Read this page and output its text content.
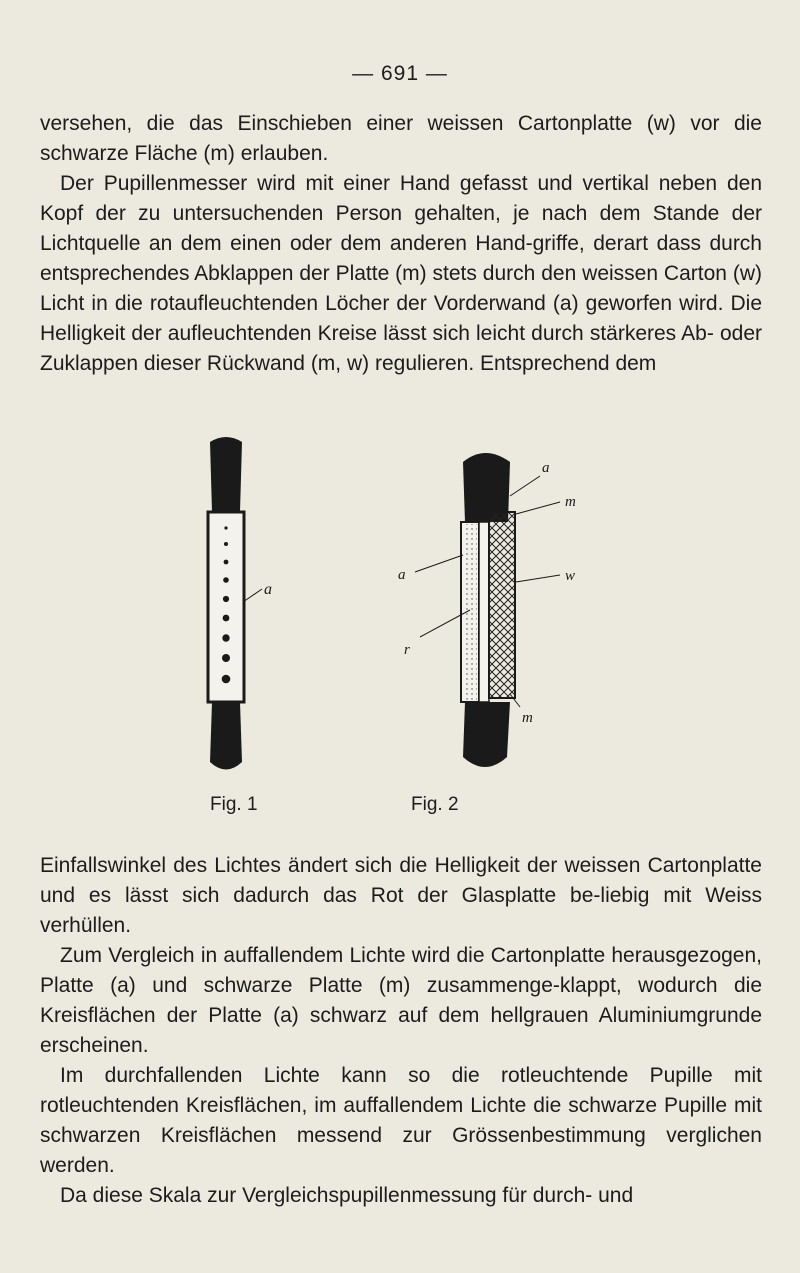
— 691 —

versehen, die das Einschieben einer weissen Cartonplatte (w) vor die schwarze Fläche (m) erlauben.

Der Pupillenmesser wird mit einer Hand gefasst und vertikal neben den Kopf der zu untersuchenden Person gehalten, je nach dem Stande der Lichtquelle an dem einen oder dem anderen Hand-griffe, derart dass durch entsprechendes Abklappen der Platte (m) stets durch den weissen Carton (w) Licht in die rotaufleuchtenden Löcher der Vorderwand (a) geworfen wird. Die Helligkeit der aufleuchtenden Kreise lässt sich leicht durch stärkeres Ab- oder Zuklappen dieser Rückwand (m, w) regulieren. Entsprechend dem

a
a
m
a	w
r
m
Fig. 1	Fig. 2

Einfallswinkel des Lichtes ändert sich die Helligkeit der weissen Cartonplatte und es lässt sich dadurch das Rot der Glasplatte be-liebig mit Weiss verhüllen.

Zum Vergleich in auffallendem Lichte wird die Cartonplatte herausgezogen, Platte (a) und schwarze Platte (m) zusammenge-klappt, wodurch die Kreisflächen der Platte (a) schwarz auf dem hellgrauen Aluminiumgrunde erscheinen.

Im durchfallenden Lichte kann so die rotleuchtende Pupille mit rotleuchtenden Kreisflächen, im auffallendem Lichte die schwarze Pupille mit schwarzen Kreisflächen messend zur Grössenbestimmung verglichen werden.

Da diese Skala zur Vergleichspupillenmessung für durch- und
